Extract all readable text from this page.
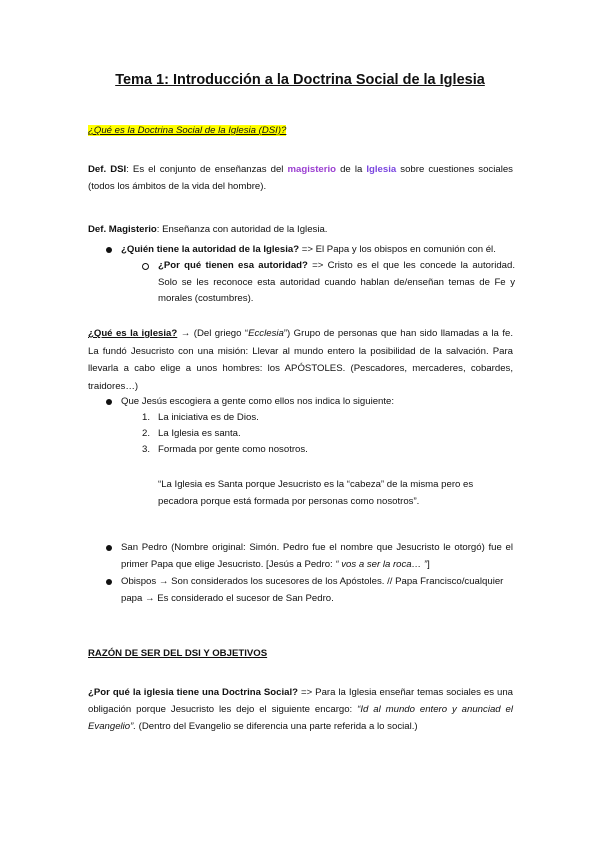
Tema 1: Introducción a la Doctrina Social de la Iglesia
¿Qué es la Doctrina Social de la Iglesia (DSI)?
Def. DSI: Es el conjunto de enseñanzas del magisterio de la Iglesia sobre cuestiones sociales (todos los ámbitos de la vida del hombre).
Def. Magisterio: Enseñanza con autoridad de la Iglesia.
¿Quién tiene la autoridad de la Iglesia? => El Papa y los obispos en comunión con él.
¿Por qué tienen esa autoridad? => Cristo es el que les concede la autoridad. Solo se les reconoce esta autoridad cuando hablan de/enseñan temas de Fe y morales (costumbres).
¿Qué es la iglesia? → (Del griego “Ecclesia”) Grupo de personas que han sido llamadas a la fe. La fundó Jesucristo con una misión: Llevar al mundo entero la posibilidad de la salvación. Para llevarla a cabo elige a unos hombres: los APÓSTOLES. (Pescadores, mercaderes, cobardes, traidores…)
Que Jesús escogiera a gente como ellos nos indica lo siguiente:
1. La iniciativa es de Dios.
2. La Iglesia es santa.
3. Formada por gente como nosotros.
“La Iglesia es Santa porque Jesucristo es la “cabeza” de la misma pero es pecadora porque está formada por personas como nosotros”.
San Pedro (Nombre original: Simón. Pedro fue el nombre que Jesucristo le otorgó) fue el primer Papa que elige Jesucristo. [Jesús a Pedro: “ vos a ser la roca… ”]
Obispos → Son considerados los sucesores de los Apóstoles. // Papa Francisco/cualquier papa → Es considerado el sucesor de San Pedro.
RAZÓN DE SER DEL DSI Y OBJETIVOS
¿Por qué la iglesia tiene una Doctrina Social? => Para la Iglesia enseñar temas sociales es una obligación porque Jesucristo les dejo el siguiente encargo: “Id al mundo entero y anunciad el Evangelio”. (Dentro del Evangelio se diferencia una parte referida a lo social.)
